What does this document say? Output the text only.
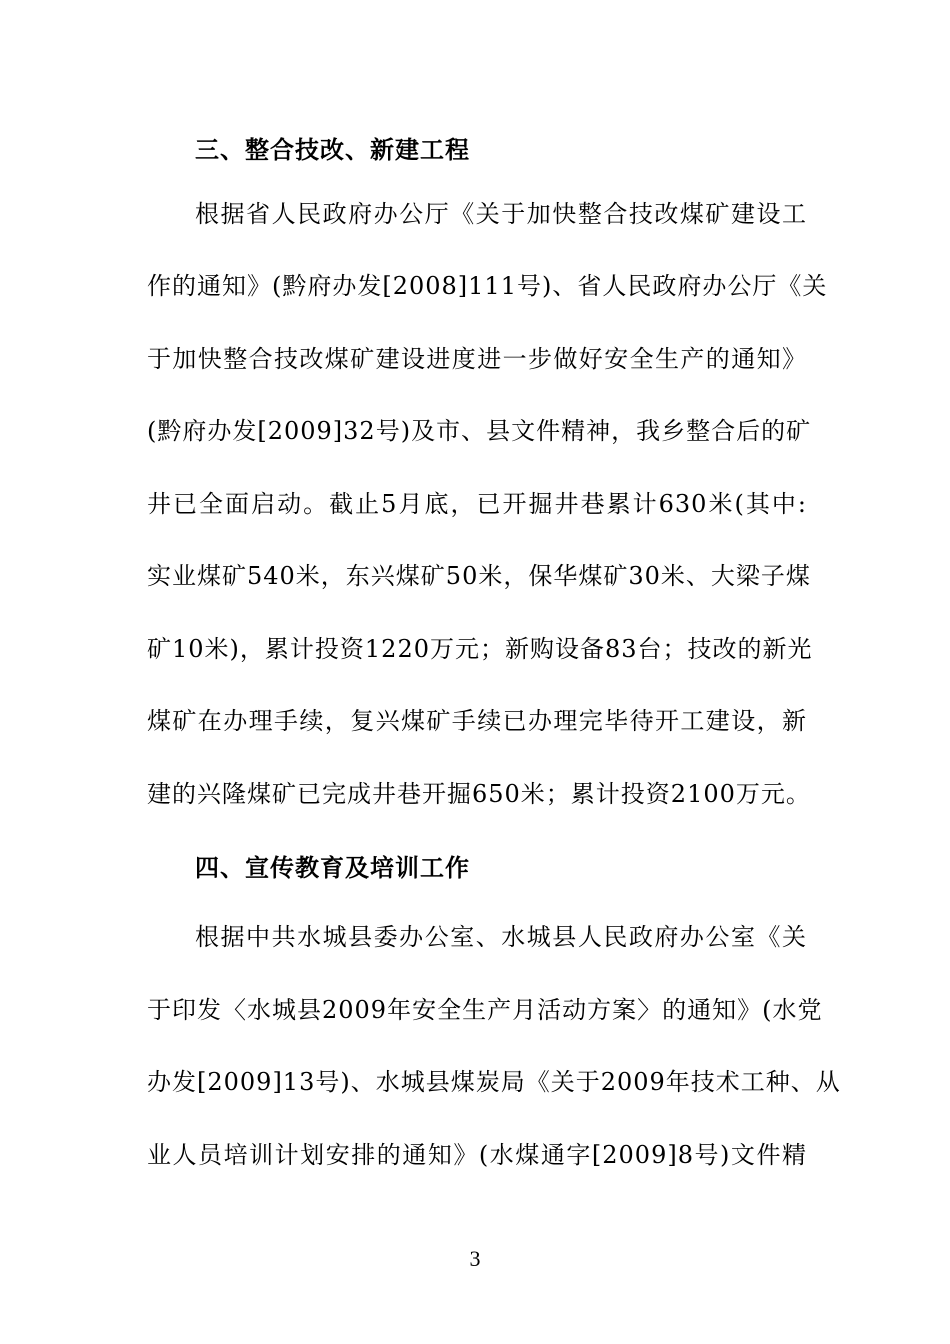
三、整合技改、新建工程
根据省人民政府办公厅《关于加快整合技改煤矿建设工
作的通知》(黔府办发[2008]111号)、省人民政府办公厅《关
于加快整合技改煤矿建设进度进一步做好安全生产的通知》
(黔府办发[2009]32号)及市、县文件精神，我乡整合后的矿
井已全面启动。截止5月底，已开掘井巷累计630米(其中:
实业煤矿540米，东兴煤矿50米，保华煤矿30米、大梁子煤
矿10米)，累计投资1220万元；新购设备83台；技改的新光
煤矿在办理手续，复兴煤矿手续已办理完毕待开工建设，新
建的兴隆煤矿已完成井巷开掘650米；累计投资2100万元。
四、宣传教育及培训工作
根据中共水城县委办公室、水城县人民政府办公室《关
于印发〈水城县2009年安全生产月活动方案〉的通知》(水党
办发[2009]13号)、水城县煤炭局《关于2009年技术工种、从
业人员培训计划安排的通知》(水煤通字[2009]8号)文件精
3
